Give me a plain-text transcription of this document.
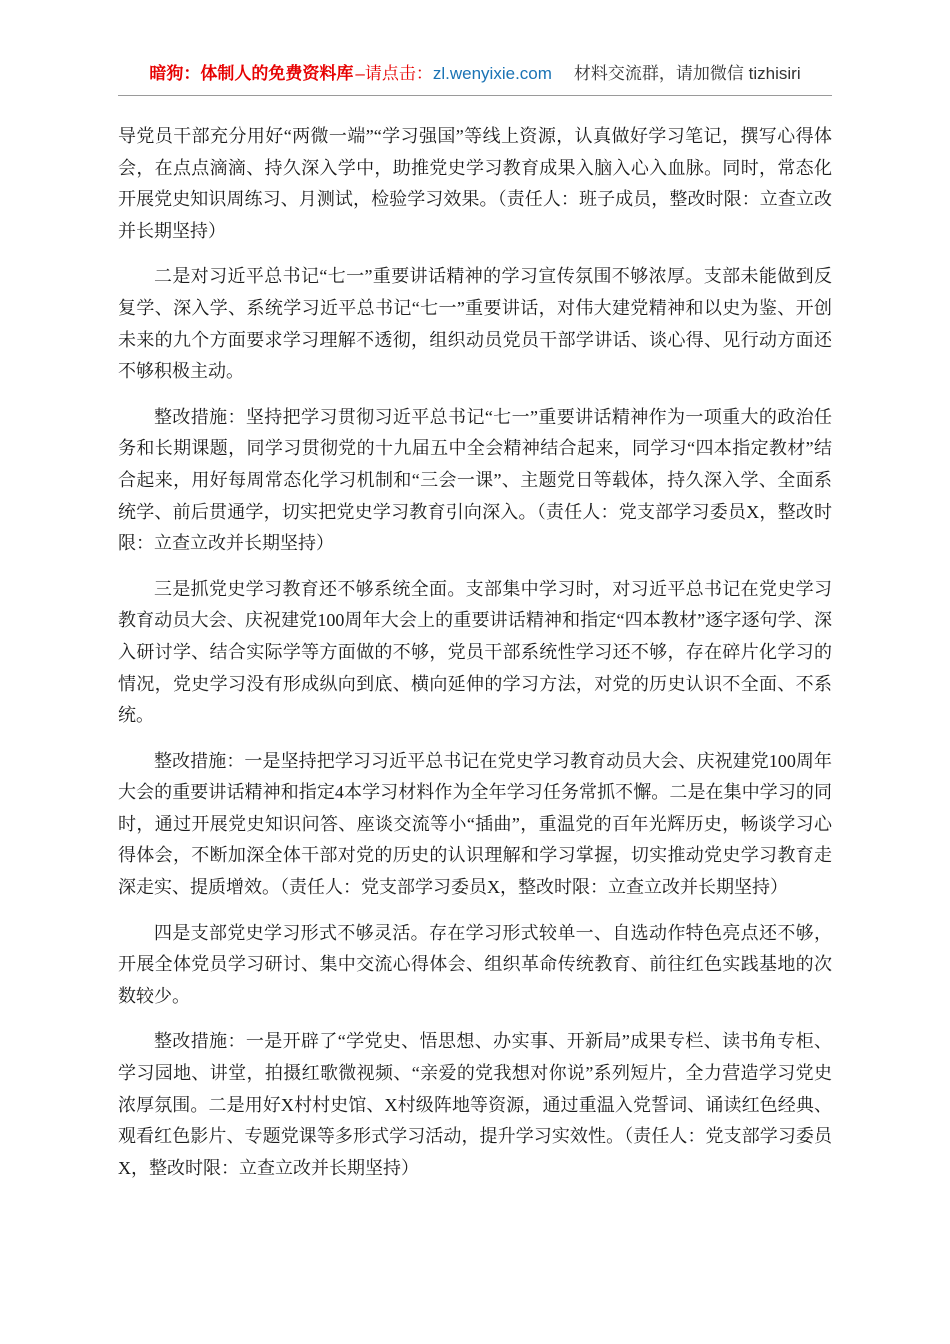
暗狗：体制人的免费资料库 –请点击：zl.wenyixie.com 材料交流群，请加微信 tizhisiri

导党员干部充分用好“两微一端”“学习强国”等线上资源，认真做好学习笔记，撰写心得体会，在点点滴滴、持久深入学中，助推党史学习教育成果入脑入心入血脉。同时，常态化开展党史知识周练习、月测试，检验学习效果。（责任人：班子成员，整改时限：立查立改并长期坚持）

二是对习近平总书记“七一”重要讲话精神的学习宣传氛围不够浓厚。支部未能做到反复学、深入学、系统学习近平总书记“七一”重要讲话，对伟大建党精神和以史为鉴、开创未来的九个方面要求学习理解不透彻，组织动员党员干部学讲话、谈心得、见行动方面还不够积极主动。

整改措施：坚持把学习贯彻习近平总书记“七一”重要讲话精神作为一项重大的政治任务和长期课题，同学习贯彻党的十九届五中全会精神结合起来，同学习“四本指定教材”结合起来，用好每周常态化学习机制和“三会一课”、主题党日等载体，持久深入学、全面系统学、前后贯通学，切实把党史学习教育引向深入。（责任人：党支部学习委员X，整改时限：立查立改并长期坚持）

三是抓党史学习教育还不够系统全面。支部集中学习时，对习近平总书记在党史学习教育动员大会、庆祝建党100周年大会上的重要讲话精神和指定“四本教材”逐字逐句学、深入研讨学、结合实际学等方面做的不够，党员干部系统性学习还不够，存在碎片化学习的情况，党史学习没有形成纵向到底、横向延伸的学习方法，对党的历史认识不全面、不系统。

整改措施：一是坚持把学习习近平总书记在党史学习教育动员大会、庆祝建党100周年大会的重要讲话精神和指定4本学习材料作为全年学习任务常抓不懈。二是在集中学习的同时，通过开展党史知识问答、座谈交流等小“插曲”，重温党的百年光辉历史，畅谈学习心得体会，不断加深全体干部对党的历史的认识理解和学习掌握，切实推动党史学习教育走深走实、提质增效。（责任人：党支部学习委员X，整改时限：立查立改并长期坚持）

四是支部党史学习形式不够灵活。存在学习形式较单一、自选动作特色亮点还不够，开展全体党员学习研讨、集中交流心得体会、组织革命传统教育、前往红色实践基地的次数较少。

整改措施：一是开辟了“学党史、悟思想、办实事、开新局”成果专栏、读书角专柜、学习园地、讲堂，拍摄红歌微视频、“亲爱的党我想对你说”系列短片，全力营造学习党史浓厚氛围。二是用好X村村史馆、X村级阵地等资源，通过重温入党誓词、诵读红色经典、观看红色影片、专题党课等多形式学习活动，提升学习实效性。（责任人：党支部学习委员X，整改时限：立查立改并长期坚持）
